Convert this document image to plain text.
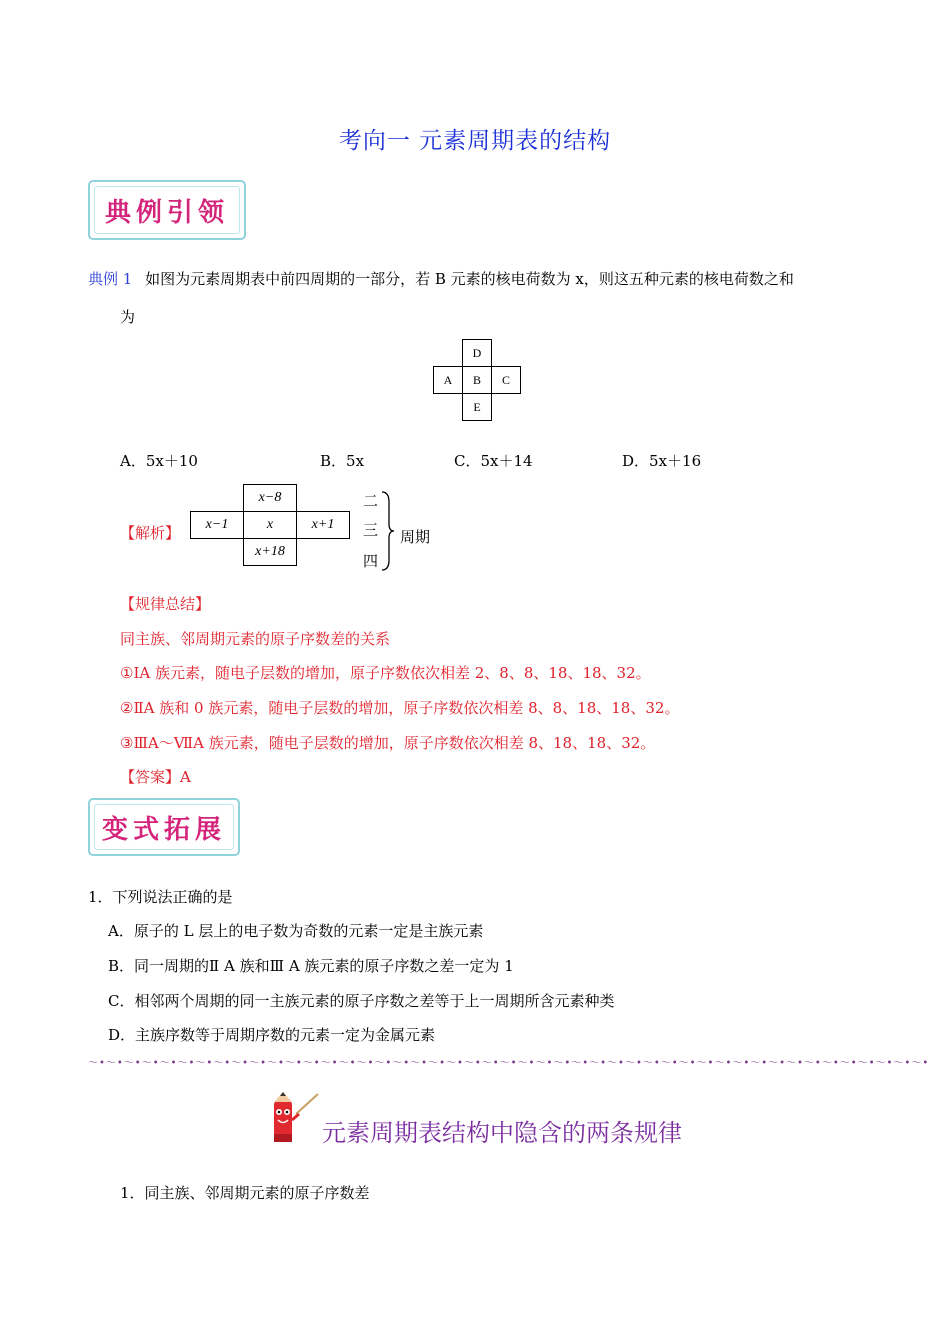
考向一 元素周期表的结构
典例引领
典例 1 如图为元素周期表中前四周期的一部分，若 B 元素的核电荷数为 x，则这五种元素的核电荷数之和
为
	D	
A	B	C
	E	
A．5x＋10	B．5x	C．5x＋14	D．5x＋16
【解析】
	x−8	
x−1	x	x+1
	x+18	
二
三
四
周期
【规律总结】
同主族、邻周期元素的原子序数差的关系
①ⅠA 族元素，随电子层数的增加，原子序数依次相差 2、8、8、18、18、32。
②ⅡA 族和 0 族元素，随电子层数的增加，原子序数依次相差 8、8、18、18、32。
③ⅢA～ⅦA 族元素，随电子层数的增加，原子序数依次相差 8、18、18、32。
【答案】A
变式拓展
1．下列说法正确的是
A．原子的 L 层上的电子数为奇数的元素一定是主族元素
B．同一周期的Ⅱ A 族和Ⅲ A 族元素的原子序数之差一定为 1
C．相邻两个周期的同一主族元素的原子序数之差等于上一周期所含元素种类
D．主族序数等于周期序数的元素一定为金属元素
～•～•～•～•～•～•～•～•～•～•～•～•～•～•～•～•～•～•～•～•～•～•～•～•～•～•～•～•～•～•～•～•～•～•～•～•～•～•～•～•～•～•～•～•～•～•～•
元素周期表结构中隐含的两条规律
1．同主族、邻周期元素的原子序数差
